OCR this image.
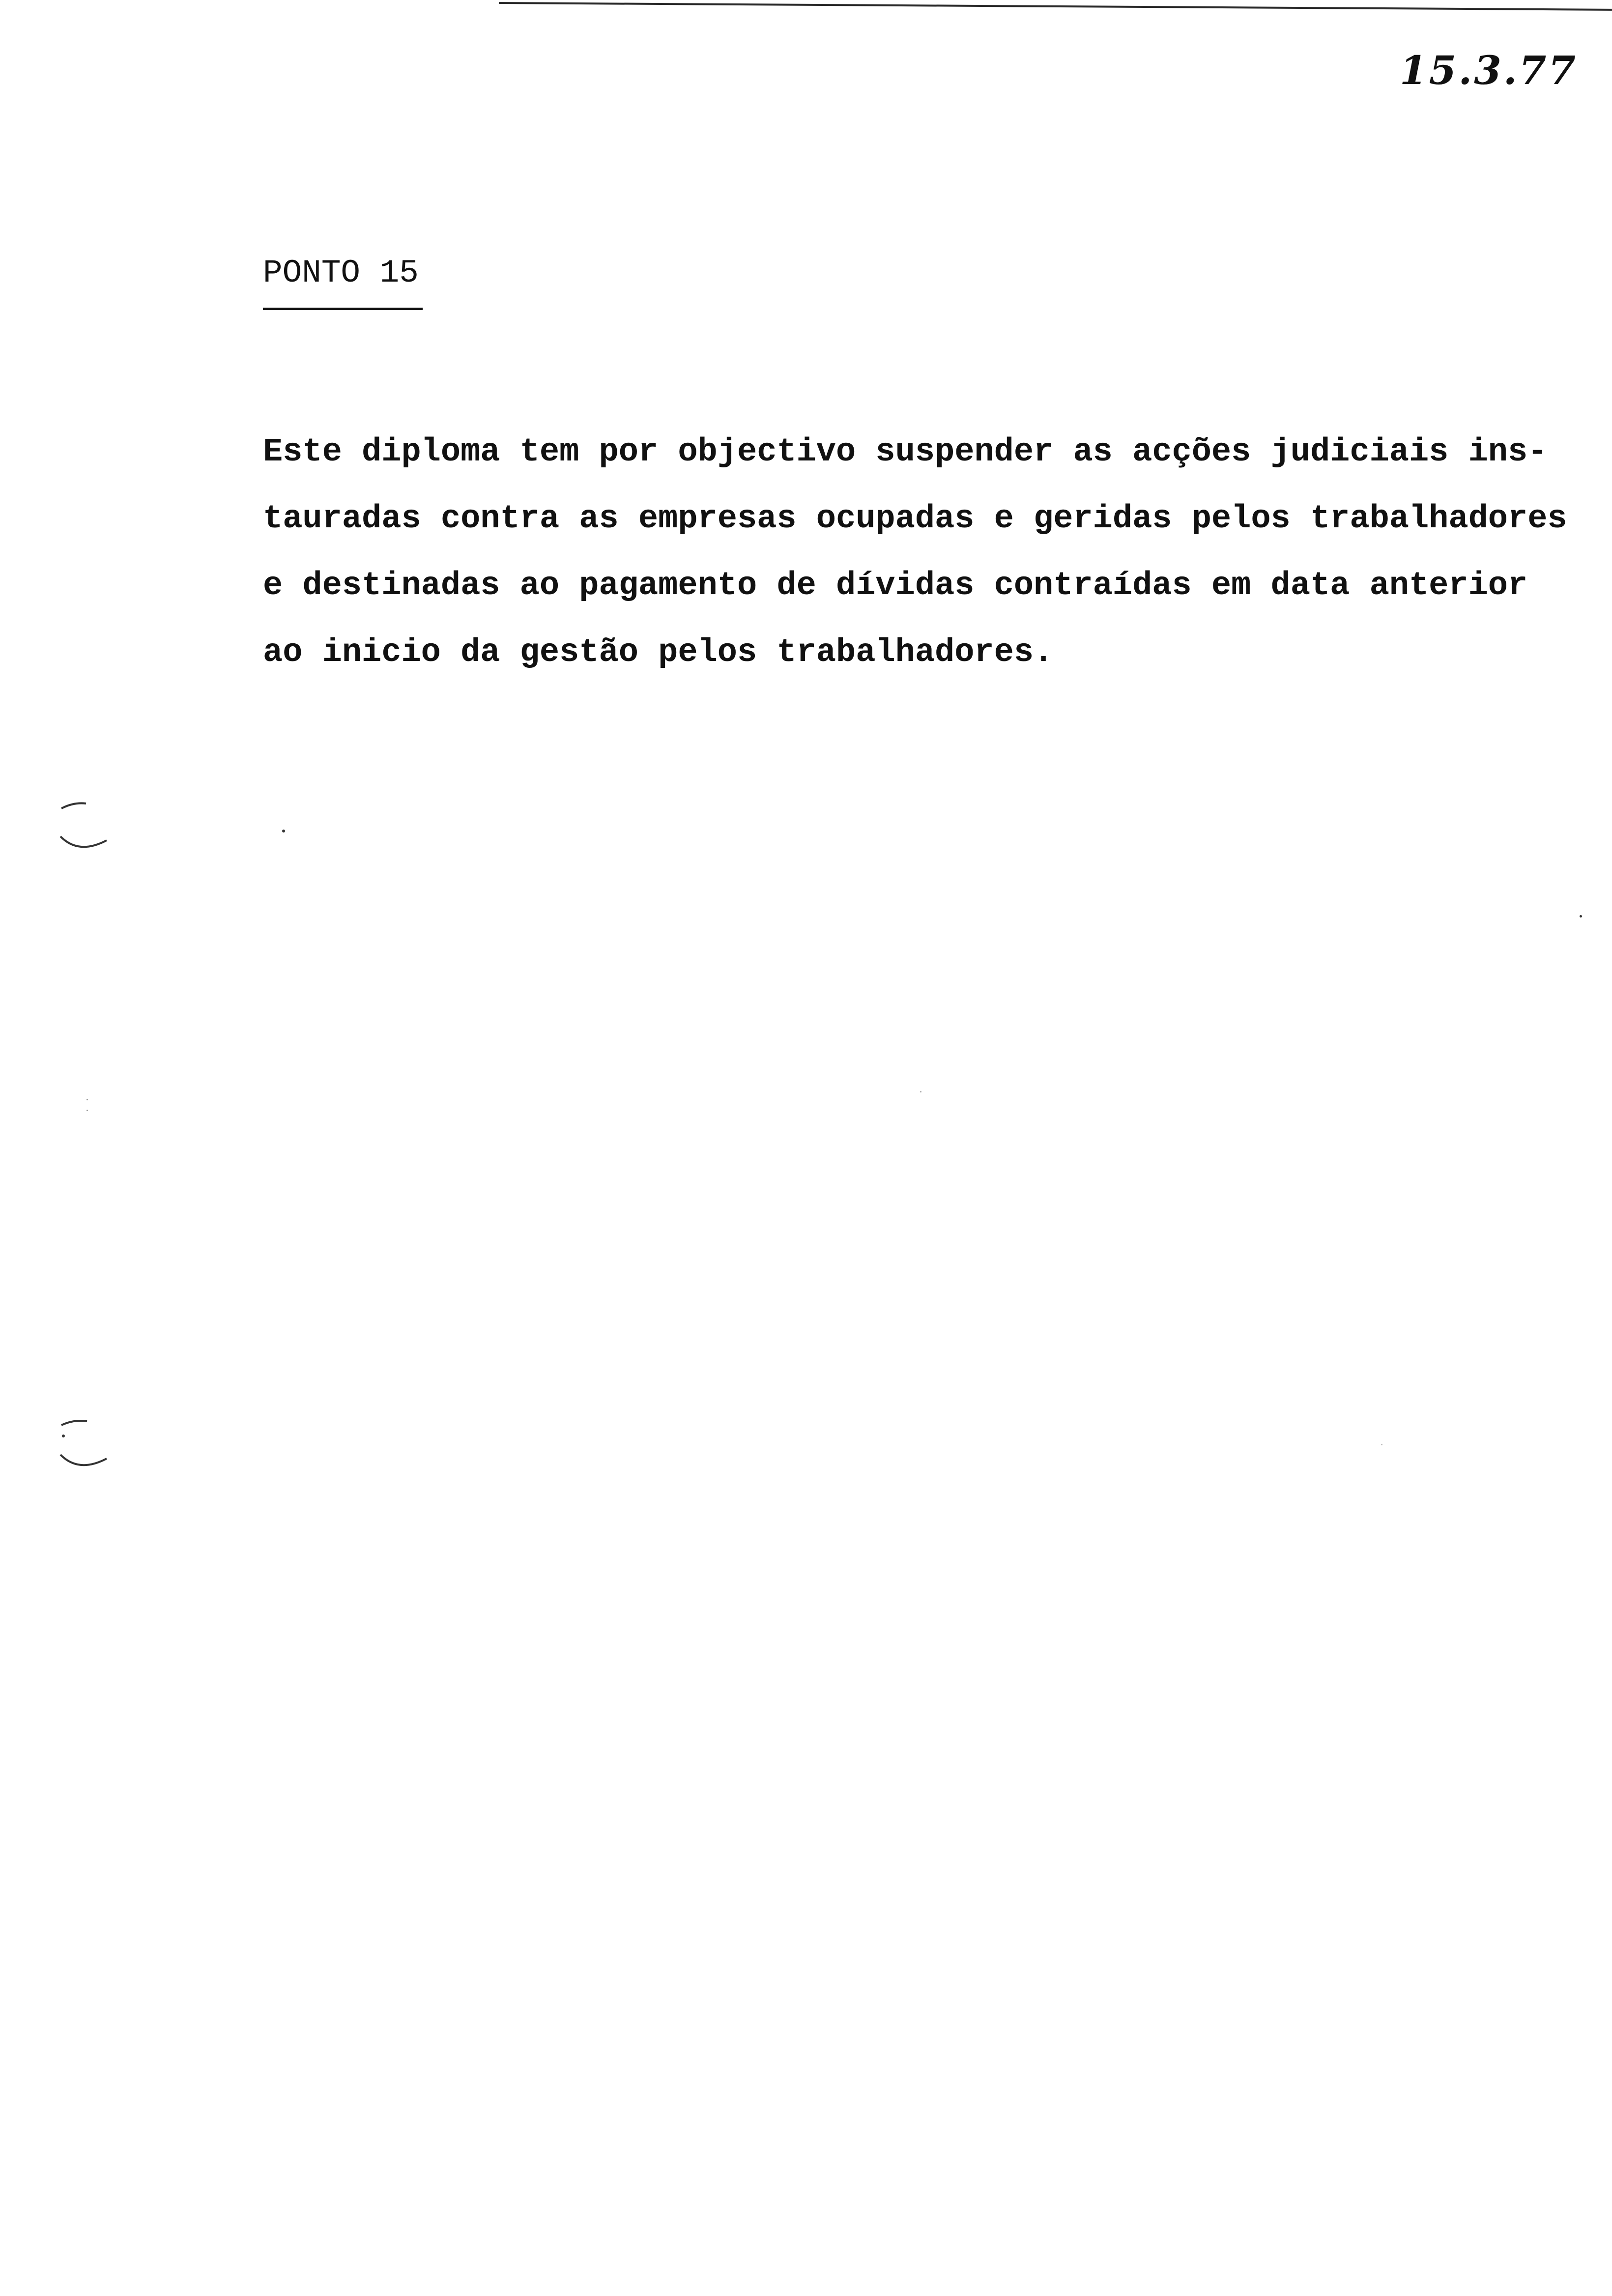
15.3.77
PONTO 15
Este diploma tem por objectivo suspender as acções judiciais ins-
tauradas contra as empresas ocupadas e geridas pelos trabalhadores
e destinadas ao pagamento de dívidas contraídas em data anterior
ao inicio da gestão pelos trabalhadores.
